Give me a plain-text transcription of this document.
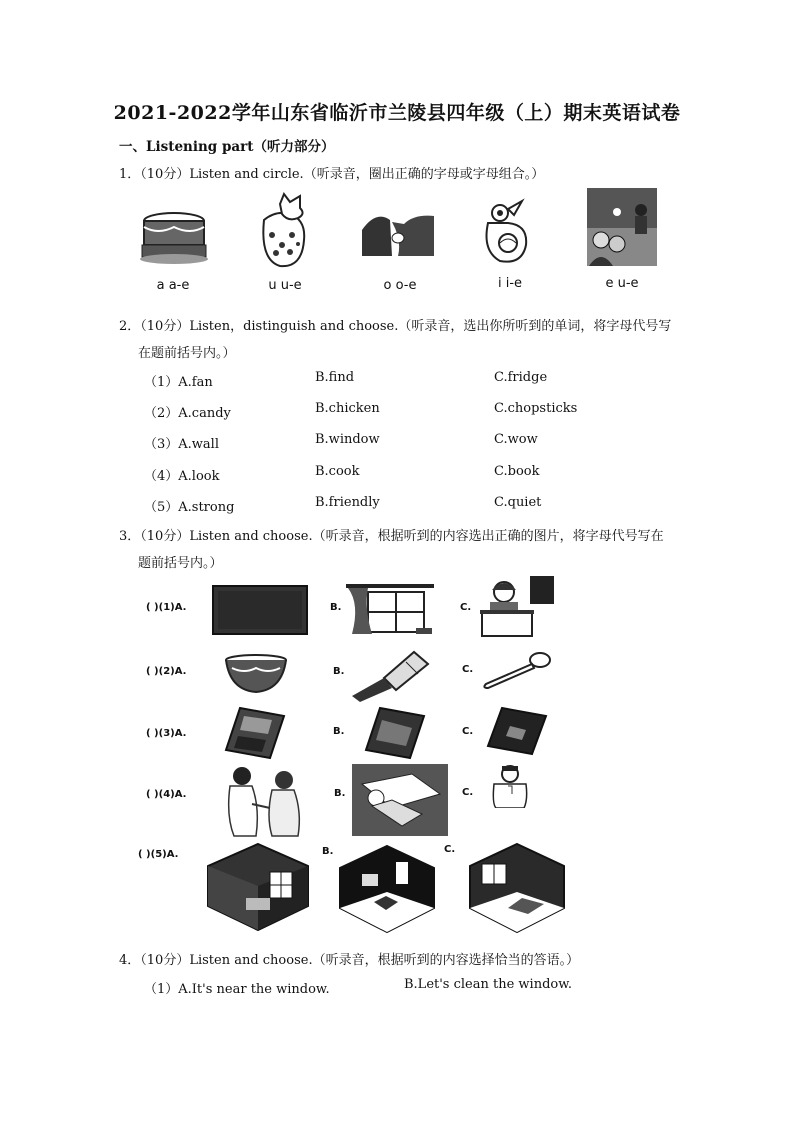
2021-2022学年山东省临沂市兰陵县四年级（上）期末英语试卷
一、Listening part（听力部分）
1．（10分）Listen and circle.（听录音，圈出正确的字母或字母组合。）
a a-e	u u-e	o o-e	i i-e	e u-e
2．（10分）Listen，distinguish and choose.（听录音，选出你所听到的单词，将字母代号写
在题前括号内。）
（1）A.fan	B.find	C.fridge
（2）A.candy	B.chicken	C.chopsticks
（3）A.wall	B.window	C.wow
（4）A.look	B.cook	C.book
（5）A.strong	B.friendly	C.quiet
3．（10分）Listen and choose.（听录音，根据听到的内容选出正确的图片，将字母代号写在
题前括号内。）
( )(1)A.	B.	C.
( )(2)A.	B.	C.
( )(3)A.	B.	C.
( )(4)A.	B.	C.
( )(5)A.	B.	C.
4．（10分）Listen and choose.（听录音，根据听到的内容选择恰当的答语。）
（1）A.It's near the window.	B.Let's clean the window.
